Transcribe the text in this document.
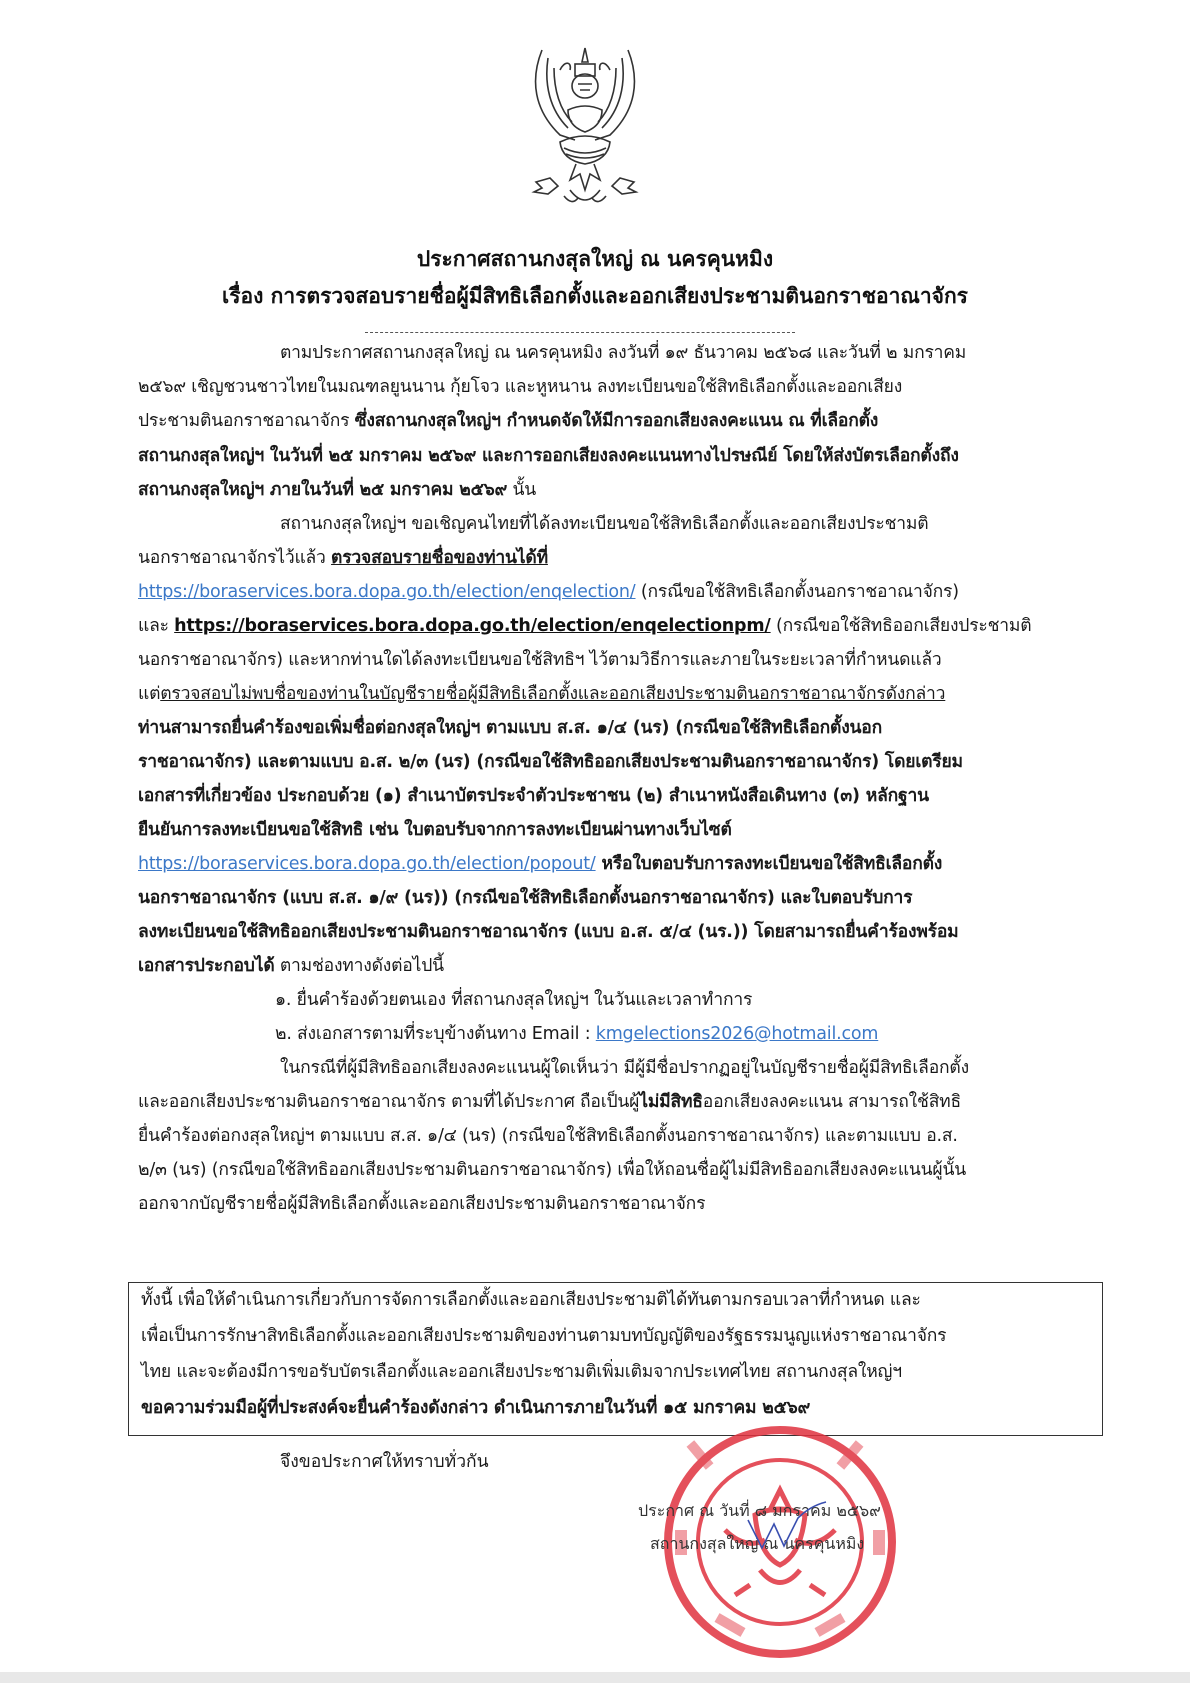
ประกาศสถานกงสุลใหญ่ ณ นครคุนหมิง
เรื่อง การตรวจสอบรายชื่อผู้มีสิทธิเลือกตั้งและออกเสียงประชามตินอกราชอาณาจักร
ตามประกาศสถานกงสุลใหญ่ ณ นครคุนหมิง ลงวันที่ ๑๙ ธันวาคม ๒๕๖๘ และวันที่ ๒ มกราคม
๒๕๖๙ เชิญชวนชาวไทยในมณฑลยูนนาน กุ้ยโจว และหูหนาน ลงทะเบียนขอใช้สิทธิเลือกตั้งและออกเสียง
ประชามตินอกราชอาณาจักร ซึ่งสถานกงสุลใหญ่ฯ กำหนดจัดให้มีการออกเสียงลงคะแนน ณ ที่เลือกตั้ง
สถานกงสุลใหญ่ฯ ในวันที่ ๒๕ มกราคม ๒๕๖๙ และการออกเสียงลงคะแนนทางไปรษณีย์ โดยให้ส่งบัตรเลือกตั้งถึง
สถานกงสุลใหญ่ฯ ภายในวันที่ ๒๕ มกราคม ๒๕๖๙ นั้น
สถานกงสุลใหญ่ฯ ขอเชิญคนไทยที่ได้ลงทะเบียนขอใช้สิทธิเลือกตั้งและออกเสียงประชามติ
นอกราชอาณาจักรไว้แล้ว ตรวจสอบรายชื่อของท่านได้ที่
https://boraservices.bora.dopa.go.th/election/enqelection/ (กรณีขอใช้สิทธิเลือกตั้งนอกราชอาณาจักร)
และ https://boraservices.bora.dopa.go.th/election/enqelectionpm/ (กรณีขอใช้สิทธิออกเสียงประชามติ
นอกราชอาณาจักร) และหากท่านใดได้ลงทะเบียนขอใช้สิทธิฯ ไว้ตามวิธีการและภายในระยะเวลาที่กำหนดแล้ว
แต่ตรวจสอบไม่พบชื่อของท่านในบัญชีรายชื่อผู้มีสิทธิเลือกตั้งและออกเสียงประชามตินอกราชอาณาจักรดังกล่าว
ท่านสามารถยื่นคำร้องขอเพิ่มชื่อต่อกงสุลใหญ่ฯ ตามแบบ ส.ส. ๑/๔ (นร) (กรณีขอใช้สิทธิเลือกตั้งนอก
ราชอาณาจักร) และตามแบบ อ.ส. ๒/๓ (นร) (กรณีขอใช้สิทธิออกเสียงประชามตินอกราชอาณาจักร) โดยเตรียม
เอกสารที่เกี่ยวข้อง ประกอบด้วย (๑) สำเนาบัตรประจำตัวประชาชน (๒) สำเนาหนังสือเดินทาง (๓) หลักฐาน
ยืนยันการลงทะเบียนขอใช้สิทธิ เช่น ใบตอบรับจากการลงทะเบียนผ่านทางเว็บไซต์
https://boraservices.bora.dopa.go.th/election/popout/ หรือใบตอบรับการลงทะเบียนขอใช้สิทธิเลือกตั้ง
นอกราชอาณาจักร (แบบ ส.ส. ๑/๙ (นร)) (กรณีขอใช้สิทธิเลือกตั้งนอกราชอาณาจักร) และใบตอบรับการ
ลงทะเบียนขอใช้สิทธิออกเสียงประชามตินอกราชอาณาจักร (แบบ อ.ส. ๕/๔ (นร.)) โดยสามารถยื่นคำร้องพร้อม
เอกสารประกอบได้ ตามช่องทางดังต่อไปนี้
๑. ยื่นคำร้องด้วยตนเอง ที่สถานกงสุลใหญ่ฯ ในวันและเวลาทำการ
๒. ส่งเอกสารตามที่ระบุข้างต้นทาง Email : kmgelections2026@hotmail.com
ในกรณีที่ผู้มีสิทธิออกเสียงลงคะแนนผู้ใดเห็นว่า มีผู้มีชื่อปรากฏอยู่ในบัญชีรายชื่อผู้มีสิทธิเลือกตั้ง
และออกเสียงประชามตินอกราชอาณาจักร ตามที่ได้ประกาศ ถือเป็นผู้ไม่มีสิทธิออกเสียงลงคะแนน สามารถใช้สิทธิ
ยื่นคำร้องต่อกงสุลใหญ่ฯ ตามแบบ ส.ส. ๑/๔ (นร) (กรณีขอใช้สิทธิเลือกตั้งนอกราชอาณาจักร) และตามแบบ อ.ส.
๒/๓ (นร) (กรณีขอใช้สิทธิออกเสียงประชามตินอกราชอาณาจักร) เพื่อให้ถอนชื่อผู้ไม่มีสิทธิออกเสียงลงคะแนนผู้นั้น
ออกจากบัญชีรายชื่อผู้มีสิทธิเลือกตั้งและออกเสียงประชามตินอกราชอาณาจักร
ทั้งนี้ เพื่อให้ดำเนินการเกี่ยวกับการจัดการเลือกตั้งและออกเสียงประชามติได้ทันตามกรอบเวลาที่กำหนด และ
เพื่อเป็นการรักษาสิทธิเลือกตั้งและออกเสียงประชามติของท่านตามบทบัญญัติของรัฐธรรมนูญแห่งราชอาณาจักร
ไทย และจะต้องมีการขอรับบัตรเลือกตั้งและออกเสียงประชามติเพิ่มเติมจากประเทศไทย สถานกงสุลใหญ่ฯ
ขอความร่วมมือผู้ที่ประสงค์จะยื่นคำร้องดังกล่าว ดำเนินการภายในวันที่ ๑๕ มกราคม ๒๕๖๙
จึงขอประกาศให้ทราบทั่วกัน
ประกาศ ณ วันที่ ๘ มกราคม ๒๕๖๙
สถานกงสุลใหญ่ ณ นครคุนหมิง
